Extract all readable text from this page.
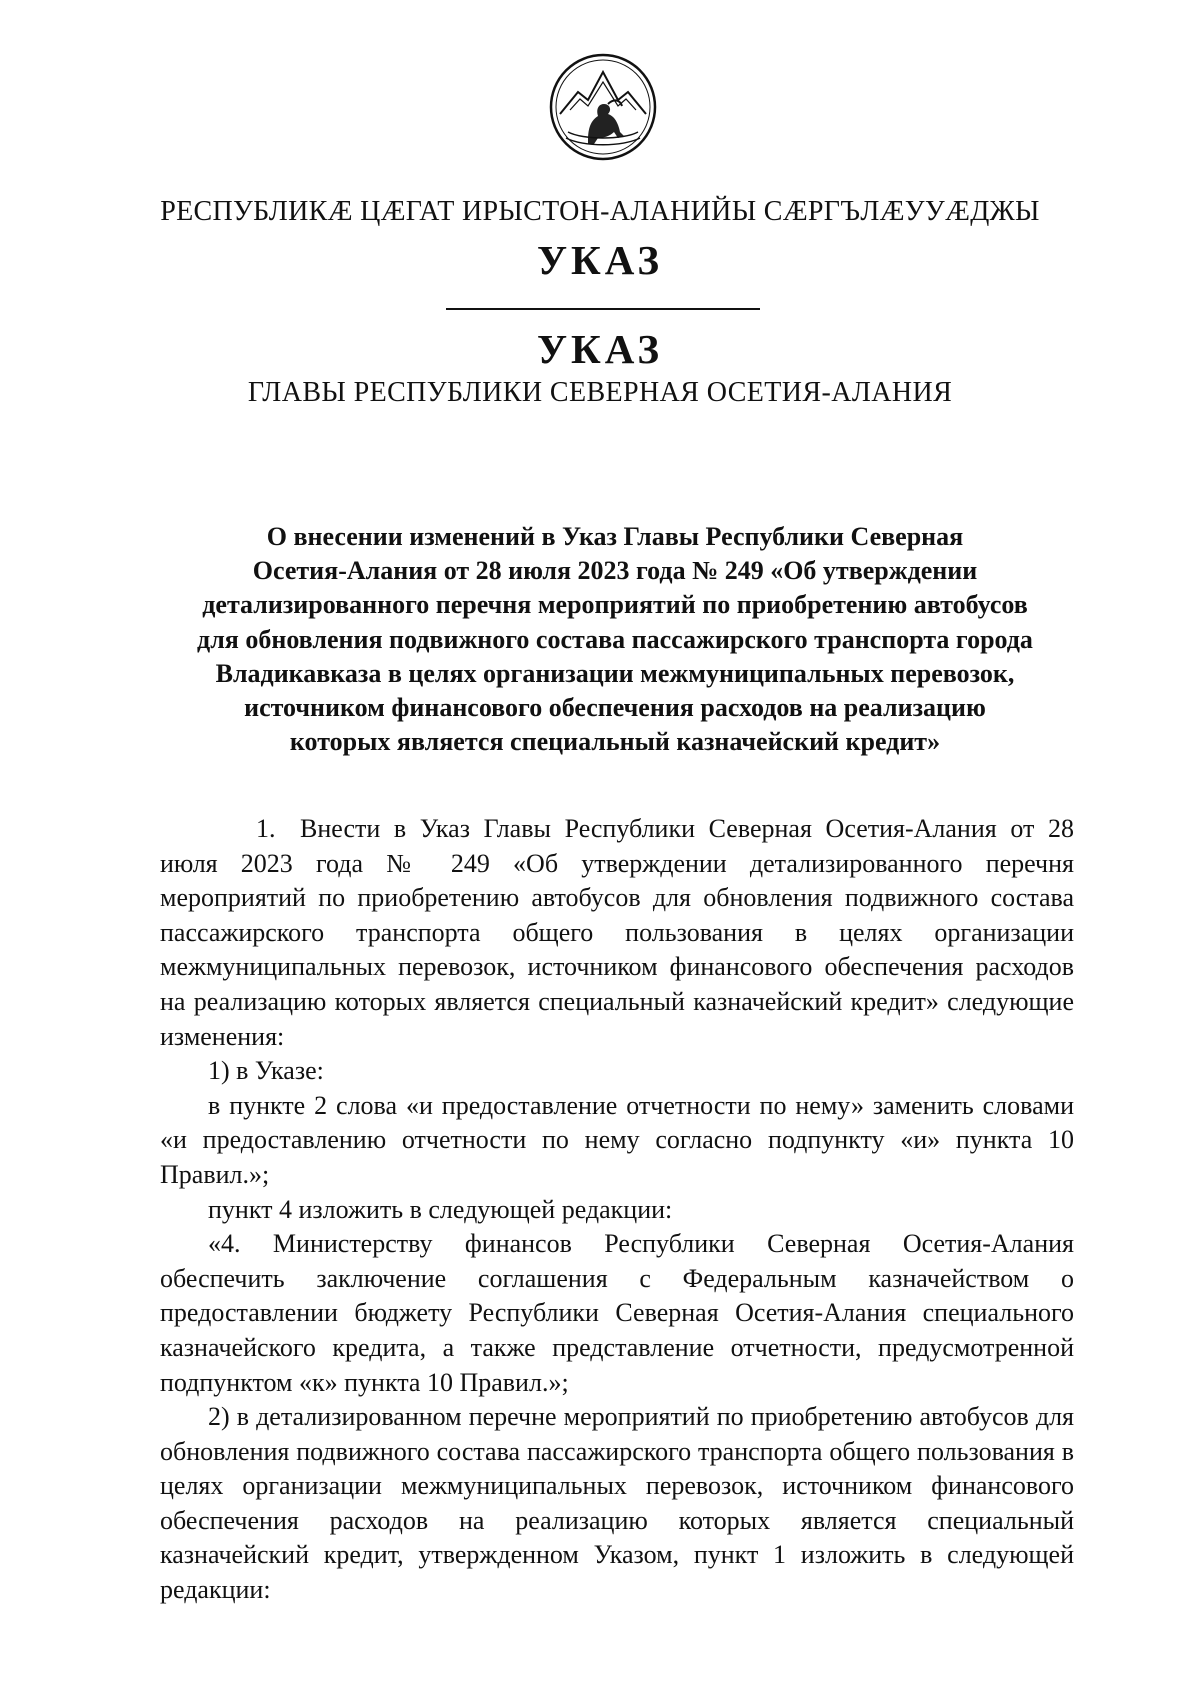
РЕСПУБЛИКӔ ЦӔГАТ ИРЫСТОН-АЛАНИЙЫ СӔРГЪЛӔУУӔДЖЫ
УКАЗ
УКАЗ
ГЛАВЫ РЕСПУБЛИКИ СЕВЕРНАЯ ОСЕТИЯ-АЛАНИЯ
О внесении изменений в Указ Главы Республики Северная
Осетия-Алания от 28 июля 2023 года № 249 «Об утверждении
детализированного перечня мероприятий по приобретению автобусов
для обновления подвижного состава пассажирского транспорта города
Владикавказа в целях организации межмуниципальных перевозок,
источником финансового обеспечения расходов на реализацию
которых является специальный казначейский кредит»

1. Внести в Указ Главы Республики Северная Осетия-Алания от 28 июля 2023 года № 249 «Об утверждении детализированного перечня мероприятий по приобретению автобусов для обновления подвижного состава пассажирского транспорта общего пользования в целях организации межмуниципальных перевозок, источником финансового обеспечения расходов на реализацию которых является специальный казначейский кредит» следующие изменения:

1) в Указе:

в пункте 2 слова «и предоставление отчетности по нему» заменить словами «и предоставлению отчетности по нему согласно подпункту «и» пункта 10 Правил.»;

пункт 4 изложить в следующей редакции:

«4. Министерству финансов Республики Северная Осетия-Алания обеспечить заключение соглашения с Федеральным казначейством о предоставлении бюджету Республики Северная Осетия-Алания специального казначейского кредита, а также представление отчетности, предусмотренной подпунктом «к» пункта 10 Правил.»;

2) в детализированном перечне мероприятий по приобретению автобусов для обновления подвижного состава пассажирского транспорта общего пользования в целях организации межмуниципальных перевозок, источником финансового обеспечения расходов на реализацию которых является специальный казначейский кредит, утвержденном Указом, пункт 1 изложить в следующей редакции:
